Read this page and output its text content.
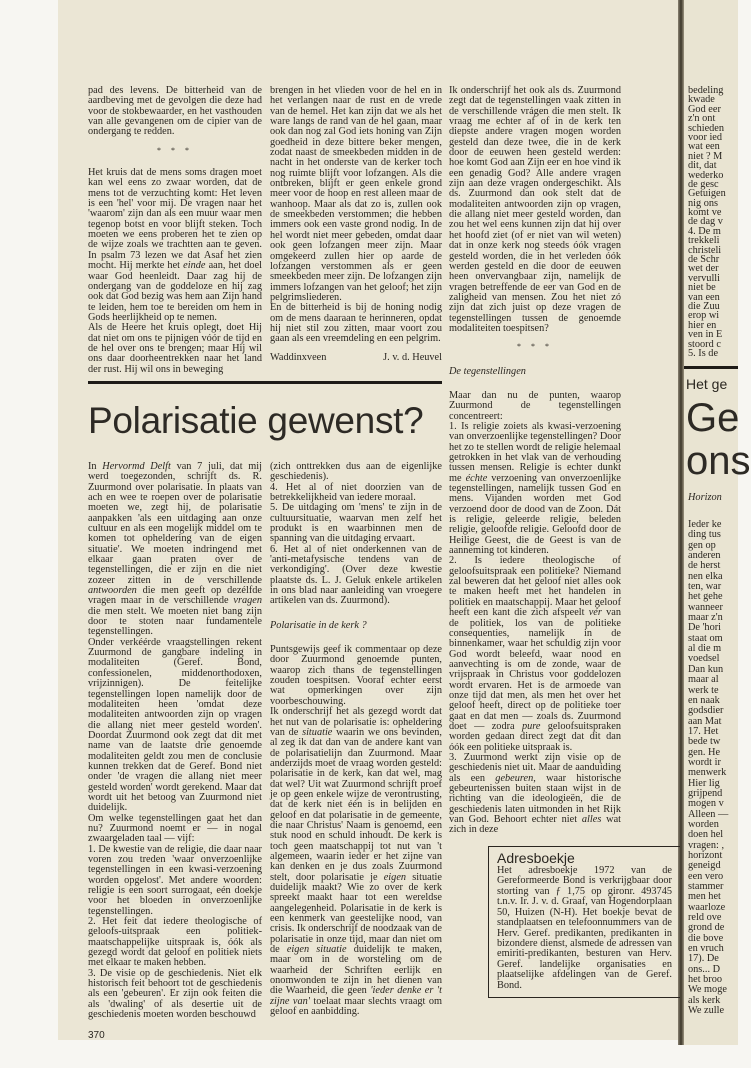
pad des levens. De bitterheid van de aardbeving met de gevolgen die deze had voor de stokbewaarder, en het vasthouden van alle gevangenen om de cipier van de ondergang te redden.

* * *

Het kruis dat de mens soms dragen moet kan wel eens zo zwaar worden, dat de mens tot de verzuchting komt: Het leven is een 'hel' voor mij. De vragen naar het 'waarom' zijn dan als een muur waar men tegenop botst en voor blijft steken. Toch moeten we eens proberen het te zien op de wijze zoals we trachtten aan te geven. In psalm 73 lezen we dat Asaf het zien mocht. Hij merkte het einde aan, het doel waar God heenleidt. Daar zag hij de ondergang van de goddeloze en hij zag ook dat God bezig was hem aan Zijn hand te leiden, hem toe te bereiden om hem in Gods heerlijkheid op te nemen.

Als de Heere het kruis oplegt, doet Hij dat niet om ons te pijnigen vóór de tijd en de hel over ons te brengen; maar Hij wil ons daar doorheentrekken naar het land der rust. Hij wil ons in beweging

brengen in het vlieden voor de hel en in het verlangen naar de rust en de vrede van de hemel. Het kan zijn dat we als het ware langs de rand van de hel gaan, maar ook dan nog zal God iets honing van Zijn goedheid in deze bittere beker mengen, zodat naast de smeekbeden midden in de nacht in het onderste van de kerker toch nog ruimte blijft voor lofzangen. Als die ontbreken, blijft er geen enkele grond meer voor de hoop en rest alleen maar de wanhoop. Maar als dat zo is, zullen ook de smeekbeden verstommen; die hebben immers ook een vaste grond nodig. In de hel wordt niet meer gebeden, omdat daar ook geen lofzangen meer zijn. Maar omgekeerd zullen hier op aarde de lofzangen verstommen als er geen smeekbeden meer zijn. De lofzangen zijn immers lofzangen van het geloof; het zijn pelgrimsliederen.

En de bitterheid is bij de honing nodig om de mens daaraan te herinneren, opdat hij niet stil zou zitten, maar voort zou gaan als een vreemdeling en een pelgrim.

Waddinxveen	J. v. d. Heuvel

Polarisatie gewenst?

In Hervormd Delft van 7 juli, dat mij werd toegezonden, schrijft ds. R. Zuurmond over polarisatie. In plaats van ach en wee te roepen over de polarisatie moeten we, zegt hij, de polarisatie aanpakken 'als een uitdaging aan onze cultuur en als een mogelijk middel om te komen tot opheldering van de eigen situatie'. We moeten indringend met elkaar gaan praten over de tegenstellingen, die er zijn en die niet zozeer zitten in de verschillende antwoorden die men geeft op dezélfde vragen maar in de verschillende vragen die men stelt. We moeten niet bang zijn door te stoten naar fundamentele tegenstellingen.

Onder verkéérde vraagstellingen rekent Zuurmond de gangbare indeling in modaliteiten (Geref. Bond, confessionelen, middenorthodoxen, vrijzinnigen). De feitelijke tegenstellingen lopen namelijk door de modaliteiten heen 'omdat deze modaliteiten antwoorden zijn op vragen die allang niet meer gesteld worden'. Doordat Zuurmond ook zegt dat dit met name van de laatste drie genoemde modaliteiten geldt zou men de conclusie kunnen trekken dat de Geref. Bond niet onder 'de vragen die allang niet meer gesteld worden' wordt gerekend. Maar dat wordt uit het betoog van Zuurmond niet duidelijk.

Om welke tegenstellingen gaat het dan nu? Zuurmond noemt er — in nogal zwaargeladen taal — vijf:

1. De kwestie van de religie, die daar naar voren zou treden 'waar onverzoenlijke tegenstellingen in een kwasi-verzoening worden opgelost'. Met andere woorden: religie is een soort surrogaat, eén doekje voor het bloeden in onverzoenlijke tegenstellingen.

2. Het feit dat iedere theologische of geloofs-uitspraak een politiek-maatschappelijke uitspraak is, óók als gezegd wordt dat geloof en politiek niets met elkaar te maken hebben.

3. De visie op de geschiedenis. Niet elk historisch feit behoort tot de geschiedenis als een 'gebeuren'. Er zijn ook feiten die als 'dwaling' of als desertie uit de geschiedenis moeten worden beschouwd

370

(zich onttrekken dus aan de eigenlijke geschiedenis).

4. Het al of niet doorzien van de betrekkelijkheid van iedere moraal.

5. De uitdaging om 'mens' te zijn in de cultuursituatie, waarvan men zelf het produkt is en waarbinnen men de spanning van die uitdaging ervaart.

6. Het al of niet onderkennen van de 'anti-metafysische tendens van de verkondiging'. (Over deze kwestie plaatste ds. L. J. Geluk enkele artikelen in ons blad naar aanleiding van vroegere artikelen van ds. Zuurmond).

Polarisatie in de kerk ?

Puntsgewijs geef ik commentaar op deze door Zuurmond genoemde punten, waarop zich thans de tegenstellingen zouden toespitsen. Vooraf echter eerst wat opmerkingen over zijn voorbeschouwing.

Ik onderschrijf het als gezegd wordt dat het nut van de polarisatie is: opheldering van de situatie waarin we ons bevinden, al zeg ik dat dan van de andere kant van de polarisatielijn dan Zuurmond. Maar anderzijds moet de vraag worden gesteld: polarisatie in de kerk, kan dat wel, mag dat wel? Uit wat Zuurmond schrijft proef je op geen enkele wijze de verontrusting, dat de kerk niet één is in belijden en geloof en dat polarisatie in de gemeente, die naar Christus' Naam is genoemd, een stuk nood en schuld inhoudt. De kerk is toch geen maatschappij tot nut van 't algemeen, waarin ieder er het zijne van kan denken en je dus zoals Zuurmond stelt, door polarisatie je eigen situatie duidelijk maakt? Wie zo over de kerk spreekt maakt haar tot een wereldse aangelegenheid. Polarisatie in de kerk is een kenmerk van geestelijke nood, van crisis. Ik onderschrijf de noodzaak van de polarisatie in onze tijd, maar dan niet om de eigen situatie duidelijk te maken, maar om in de worsteling om de waarheid der Schriften eerlijk en onomwonden te zijn in het dienen van die Waarheid, die geen 'ieder denke er 't zijne van' toelaat maar slechts vraagt om geloof en aanbidding.

Ik onderschrijf het ook als ds. Zuurmond zegt dat de tegenstellingen vaak zitten in de verschillende vrágen die men stelt. Ik vraag me echter af of in de kerk ten diepste andere vragen mogen worden gesteld dan deze twee, die in de kerk door de eeuwen heen gesteld werden: hoe komt God aan Zijn eer en hoe vind ik een genadig God? Alle andere vragen zijn aan deze vragen ondergeschikt. Als ds. Zuurmond dan ook stelt dat de modaliteiten antwoorden zijn op vragen, die allang niet meer gesteld worden, dan zou het wel eens kunnen zijn dat hij over het hoofd ziet (of er niet van wil weten) dat in onze kerk nog steeds óók vragen gesteld worden, die in het verleden óók werden gesteld en die door de eeuwen heen onvervangbaar zijn, namelijk de vragen betreffende de eer van God en de zaligheid van mensen. Zou het niet zó zijn dat zich juist op deze vragen de tegenstellingen tussen de genoemde modaliteiten toespitsen?

* * *

De tegenstellingen

Maar dan nu de punten, waarop Zuurmond de tegenstellingen concentreert:

1. Is religie zoiets als kwasi-verzoening van onverzoenlijke tegenstellingen? Door het zo te stellen wordt de religie helemaal getrokken in het vlak van de verhouding tussen mensen. Religie is echter dunkt me échte verzoening van onverzoenlijke tegenstellingen, namelijk tussen God en mens. Vijanden worden met God verzoend door de dood van de Zoon. Dát is religie, geleerde religie, beleden religie, geloofde religie. Geloofd door de Heilige Geest, die de Geest is van de aanneming tot kinderen.

2. Is iedere theologische of geloofsuitspraak een politieke? Niemand zal beweren dat het geloof niet alles ook te maken heeft met het handelen in politiek en maatschappij. Maar het geloof heeft een kant die zich afspeelt vér van de politiek, los van de politieke consequenties, namelijk in de binnenkamer, waar het schuldig zijn voor God wordt beleefd, waar nood en aanvechting is om de zonde, waar de vrijspraak in Christus voor goddelozen wordt ervaren. Het is de armoede van onze tijd dat men, als men het over het geloof heeft, direct op de politieke toer gaat en dat men — zoals ds. Zuurmond doet — zodra pure geloofsuitspraken worden gedaan direct zegt dat dit dan óók een politieke uitspraak is.

3. Zuurmond werkt zijn visie op de geschiedenis niet uit. Maar de aanduiding als een gebeuren, waar historische gebeurtenissen buiten staan wijst in de richting van die ideologieën, die de geschiedenis laten uitmonden in het Rijk van God. Behoort echter niet alles wat zich in deze

Adresboekje

Het adresboekje 1972 van de Gereformeerde Bond is verkrijgbaar door storting van ƒ 1,75 op gironr. 493745 t.n.v. Ir. J. v. d. Graaf, van Hogendorplaan 50, Huizen (N-H). Het boekje bevat de standplaatsen en telefoonnummers van de Herv. Geref. predikanten, predikanten in bizondere dienst, alsmede de adressen van emiriti-predikanten, besturen van Herv. Geref. landelijke organisaties en plaatselijke afdelingen van de Geref. Bond.

bedeling
kwade
God eer
z'n ont
schieden
voor ied
wat een
niet ? M
dit, dat
wederko
de gesc
Getuigen
nig ons
komt ve
de dag v
4. De m
trekkeli
christeli
de Schr
wet der
vervulli
niet be
van een
die Zuu
erop wi
hier en
ven in E
stoord c
5. Is de
Het ge
Ge
ons
Horizon
Ieder ke
ding tus
gen op
anderen
de herst
nen elka
ten, war
het gehe
wanneer
maar z'n
De 'hori
staat om
al die m
voedsel
Dan kun
maar al
werk te
en naak
godsdier
aan Mat
17. Het
bede tw
gen. He
wordt ir
menwerk
Hier lig
grijpend
mogen v
Alleen —
worden
doen hel
vragen: ,
horizont
geneigd
een vero
stammer
men het
waarloze
reld ove
grond de
die bove
en vruch
17). De
ons... D
het broo
We moge
als kerk
We zulle
